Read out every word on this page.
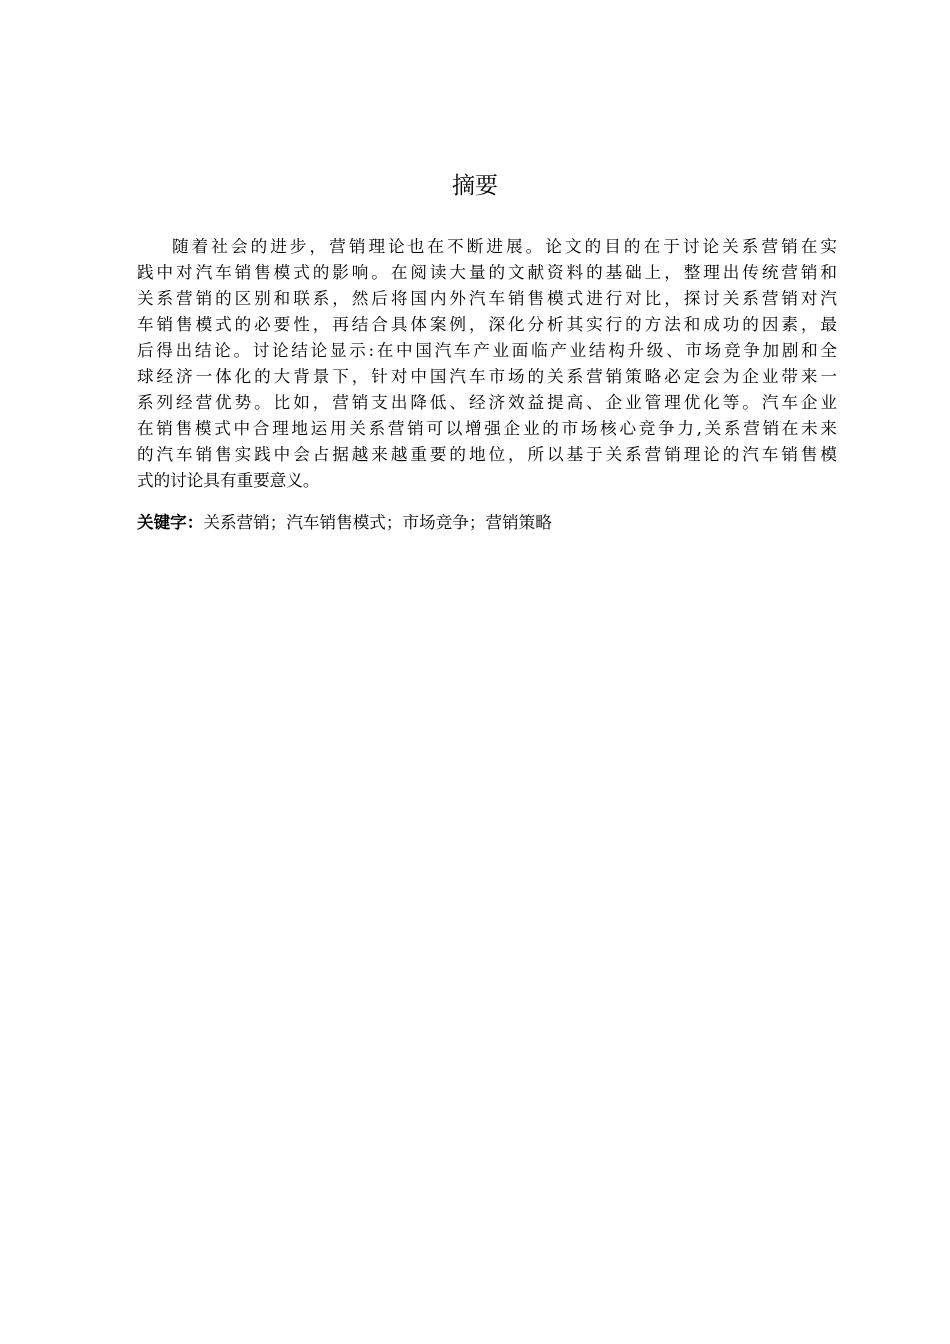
摘要
随着社会的进步，营销理论也在不断进展。论文的目的在于讨论关系营销在实
践中对汽车销售模式的影响。在阅读大量的文献资料的基础上，整理出传统营销和
关系营销的区别和联系，然后将国内外汽车销售模式进行对比，探讨关系营销对汽
车销售模式的必要性，再结合具体案例，深化分析其实行的方法和成功的因素，最
后得出结论。讨论结论显示:在中国汽车产业面临产业结构升级、市场竞争加剧和全
球经济一体化的大背景下，针对中国汽车市场的关系营销策略必定会为企业带来一
系列经营优势。比如，营销支出降低、经济效益提高、企业管理优化等。汽车企业
在销售模式中合理地运用关系营销可以增强企业的市场核心竞争力,关系营销在未来
的汽车销售实践中会占据越来越重要的地位，所以基于关系营销理论的汽车销售模
式的讨论具有重要意义。
关键字：关系营销；汽车销售模式；市场竞争；营销策略
